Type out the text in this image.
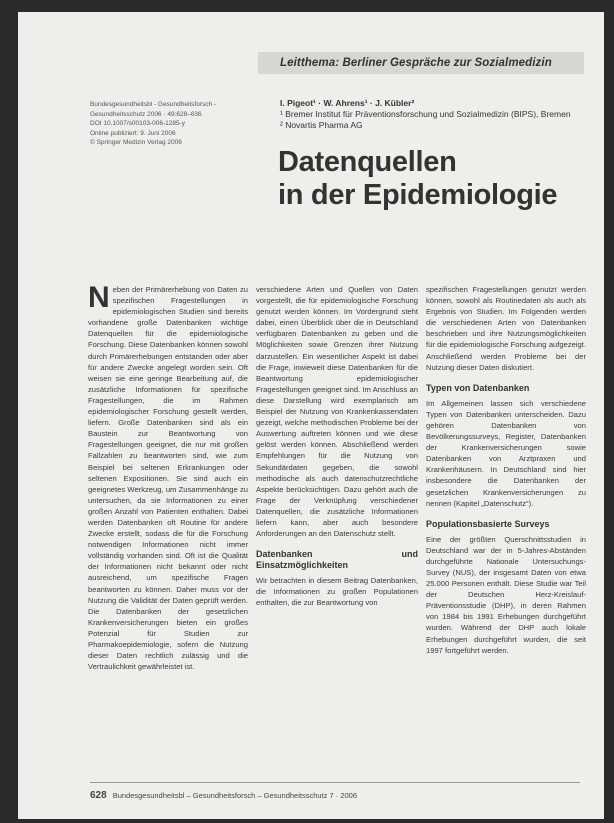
Leitthema: Berliner Gespräche zur Sozialmedizin
Bundesgesundheitsbl - Gesundheitsforsch -
Gesundheitsschutz 2006 · 49:628–636
DOI 10.1007/s00103-006-1285-y
Online publiziert: 9. Juni 2006
© Springer Medizin Verlag 2006
I. Pigeot¹ · W. Ahrens¹ · J. Kübler²
¹ Bremer Institut für Präventionsforschung und Sozialmedizin (BIPS), Bremen
² Novartis Pharma AG
Datenquellen
in der Epidemiologie

Neben der Primärerhebung von Daten zu spezifischen Fragestellungen in epidemiologischen Studien sind bereits vorhandene große Datenbanken wichtige Datenquellen für die epidemiologische Forschung. Diese Datenbanken können sowohl durch Primärerhebungen entstanden oder aber für andere Zwecke angelegt worden sein. Oft weisen sie eine geringe Bearbeitung auf, die zusätzliche Informationen für spezifische Fragestellungen, die im Rahmen epidemiologischer Forschung gestellt werden, liefern. Große Datenbanken sind als ein Baustein zur Beantwortung von Fragestellungen geeignet, die nur mit großen Fallzahlen zu beantworten sind, wie zum Beispiel bei seltenen Erkrankungen oder seltenen Expositionen. Sie sind auch ein geeignetes Werkzeug, um Zusammenhänge zu untersuchen, da sie Informationen zu einer großen Anzahl von Patienten enthalten. Dabei werden Datenbanken oft Routine für andere Zwecke erstellt, sodass die für die Forschung notwendigen Informationen nicht immer vollständig vorhanden sind. Oft ist die Qualität der Informationen nicht bekannt oder nicht ausreichend, um spezifische Fragen beantworten zu können. Daher muss vor der Nutzung die Validität der Daten geprüft werden. Die Datenbanken der gesetzlichen Krankenversicherungen bieten ein großes Potenzial für Studien zur Pharmakoepidemiologie, sofern die Nutzung dieser Daten rechtlich zulässig und die Vertraulichkeit gewährleistet ist.

verschiedene Arten und Quellen von Daten vorgestellt, die für epidemiologische Forschung genutzt werden können. Im Vordergrund steht dabei, einen Überblick über die in Deutschland verfügbaren Datenbanken zu geben und die Möglichkeiten sowie Grenzen ihrer Nutzung darzustellen. Ein wesentlicher Aspekt ist dabei die Frage, inwieweit diese Datenbanken für die Beantwortung epidemiologischer Fragestellungen geeignet sind. Im Anschluss an diese Darstellung wird exemplarisch am Beispiel der Nutzung von Krankenkassendaten gezeigt, welche methodischen Probleme bei der Auswertung auftreten können und wie diese gelöst werden können. Abschließend werden Empfehlungen für die Nutzung von Sekundärdaten gegeben, die sowohl methodische als auch datenschutzrechtliche Aspekte berücksichtigen. Dazu gehört auch die Frage der Verknüpfung verschiedener Datenquellen, die zusätzliche Informationen liefern kann, aber auch besondere Anforderungen an den Datenschutz stellt.

Datenbanken und Einsatzmöglichkeiten

Wir betrachten in diesem Beitrag Datenbanken, die Informationen zu großen Populationen enthalten, die zur Beantwortung von

spezifischen Fragestellungen genutzt werden können, sowohl als Routinedaten als auch als Ergebnis von Studien. Im Folgenden werden die verschiedenen Arten von Datenbanken beschrieben und ihre Nutzungsmöglichkeiten für die epidemiologische Forschung aufgezeigt. Anschließend werden Probleme bei der Nutzung dieser Daten diskutiert.

Typen von Datenbanken

Im Allgemeinen lassen sich verschiedene Typen von Datenbanken unterscheiden. Dazu gehören Datenbanken von Bevölkerungssurveys, Register, Datenbanken der Krankenversicherungen sowie Datenbanken von Arztpraxen und Krankenhäusern. In Deutschland sind hier insbesondere die Datenbanken der gesetzlichen Krankenversicherungen zu nennen (Kapitel „Datenschutz“).

Populationsbasierte Surveys

Eine der größten Querschnittsstudien in Deutschland war der in 5-Jahres-Abständen durchgeführte Nationale Untersuchungs-Survey (NUS), der insgesamt Daten von etwa 25.000 Personen enthält. Diese Studie war Teil der Deutschen Herz-Kreislauf-Präventionsstudie (DHP), in deren Rahmen von 1984 bis 1991 Erhebungen durchgeführt wurden. Während der DHP auch lokale Erhebungen durchgeführt wurden, die seit 1997 fortgeführt werden.

628 Bundesgesundheitsbl – Gesundheitsforsch – Gesundheitsschutz 7 · 2006
